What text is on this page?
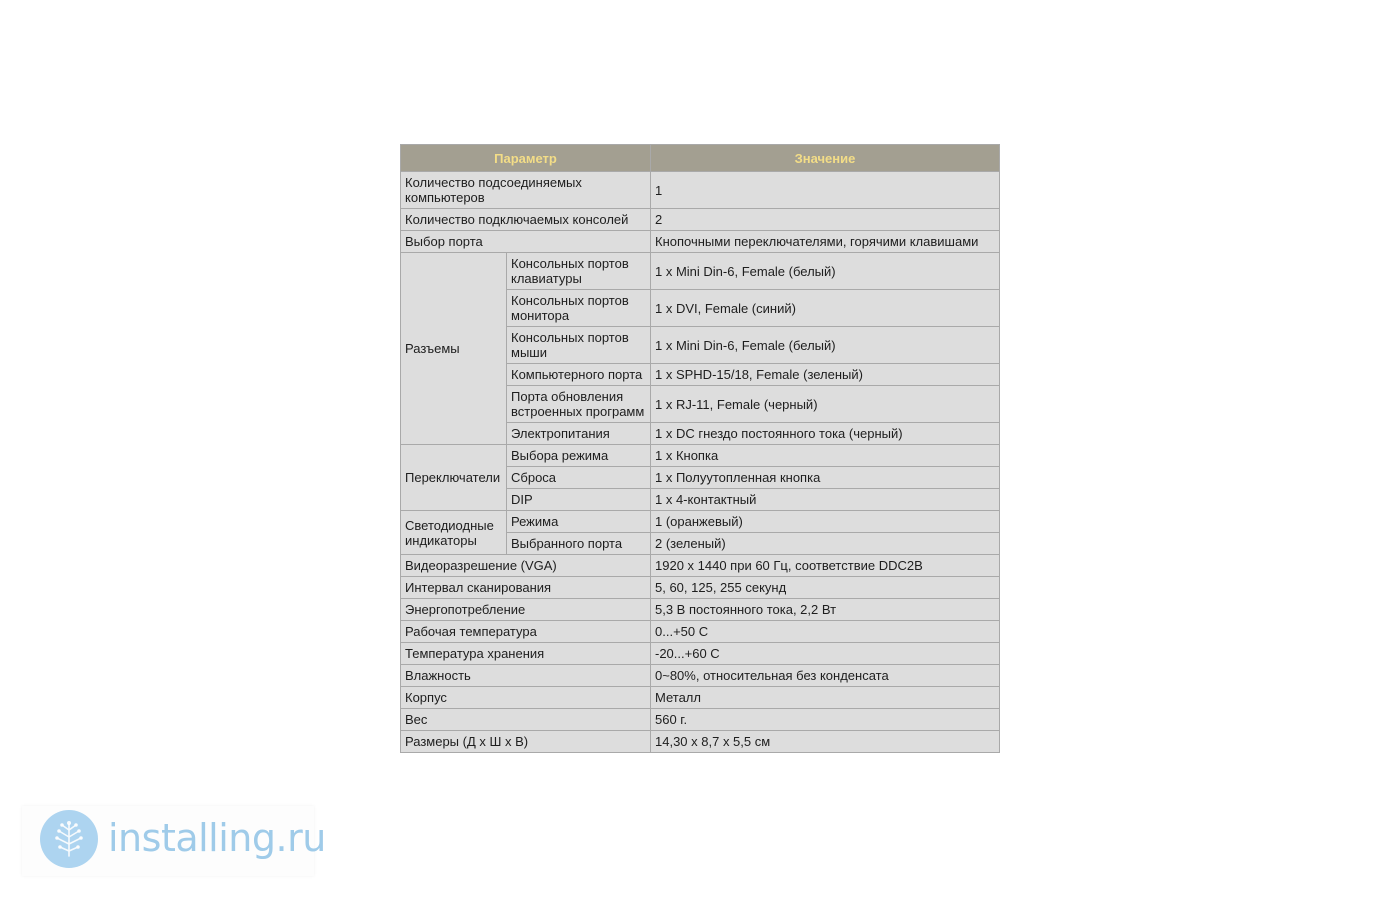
Параметр		Значение
Количество подсоединяемых компьютеров		1
Количество подключаемых консолей		2
Выбор порта		Кнопочными переключателями, горячими клавишами
Разъемы	Консольных портов клавиатуры	1 x Mini Din-6, Female (белый)
	Консольных портов монитора	1 x DVI, Female (синий)
	Консольных портов мыши	1 x Mini Din-6, Female (белый)
	Компьютерного порта	1 x SPHD-15/18, Female (зеленый)
	Порта обновления встроенных программ	1 x RJ-11, Female (черный)
	Электропитания	1 x DC гнездо постоянного тока (черный)
Переключатели	Выбора режима	1 x Кнопка
	Сброса	1 x Полуутопленная кнопка
	DIP	1 x 4-контактный
Светодиодные индикаторы	Режима	1 (оранжевый)
	Выбранного порта	2 (зеленый)
Видеоразрешение (VGA)		1920 x 1440 при 60 Гц, соответствие DDC2B
Интервал сканирования		5, 60, 125, 255 секунд
Энергопотребление		5,3 В постоянного тока, 2,2 Вт
Рабочая температура		0...+50 C
Температура хранения		-20...+60 C
Влажность		0~80%, относительная без конденсата
Корпус		Металл
Вес		560 г.
Размеры (Д x Ш x В)		14,30 x 8,7 x 5,5 см
installing.ru
